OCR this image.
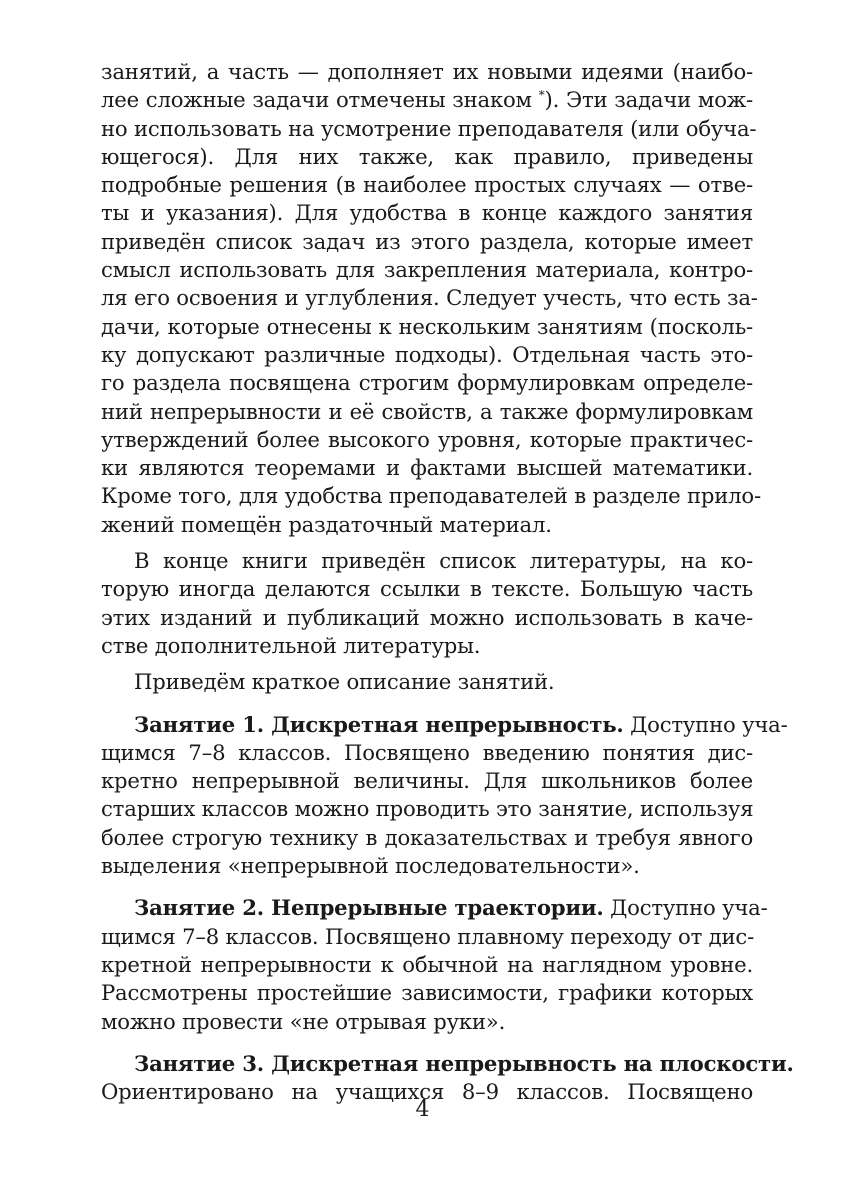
занятий, а часть — дополняет их новыми идеями (наибо-
лее сложные задачи отмечены знаком *). Эти задачи мож-
но использовать на усмотрение преподавателя (или обуча-
ющегося). Для них также, как правило, приведены
подробные решения (в наиболее простых случаях — отве-
ты и указания). Для удобства в конце каждого занятия
приведён список задач из этого раздела, которые имеет
смысл использовать для закрепления материала, контро-
ля его освоения и углубления. Следует учесть, что есть за-
дачи, которые отнесены к нескольким занятиям (посколь-
ку допускают различные подходы). Отдельная часть это-
го раздела посвящена строгим формулировкам определе-
ний непрерывности и её свойств, а также формулировкам
утверждений более высокого уровня, которые практичес-
ки являются теоремами и фактами высшей математики.
Кроме того, для удобства преподавателей в разделе прило-
жений помещён раздаточный материал.
В конце книги приведён список литературы, на ко-
торую иногда делаются ссылки в тексте. Большую часть
этих изданий и публикаций можно использовать в каче-
стве дополнительной литературы.
Приведём краткое описание занятий.
Занятие 1. Дискретная непрерывность. Доступно уча-
щимся 7–8 классов. Посвящено введению понятия дис-
кретно непрерывной величины. Для школьников более
старших классов можно проводить это занятие, используя
более строгую технику в доказательствах и требуя явного
выделения «непрерывной последовательности».
Занятие 2. Непрерывные траектории. Доступно уча-
щимся 7–8 классов. Посвящено плавному переходу от дис-
кретной непрерывности к обычной на наглядном уровне.
Рассмотрены простейшие зависимости, графики которых
можно провести «не отрывая руки».
Занятие 3. Дискретная непрерывность на плоскости.
Ориентировано на учащихся 8–9 классов. Посвящено
4
